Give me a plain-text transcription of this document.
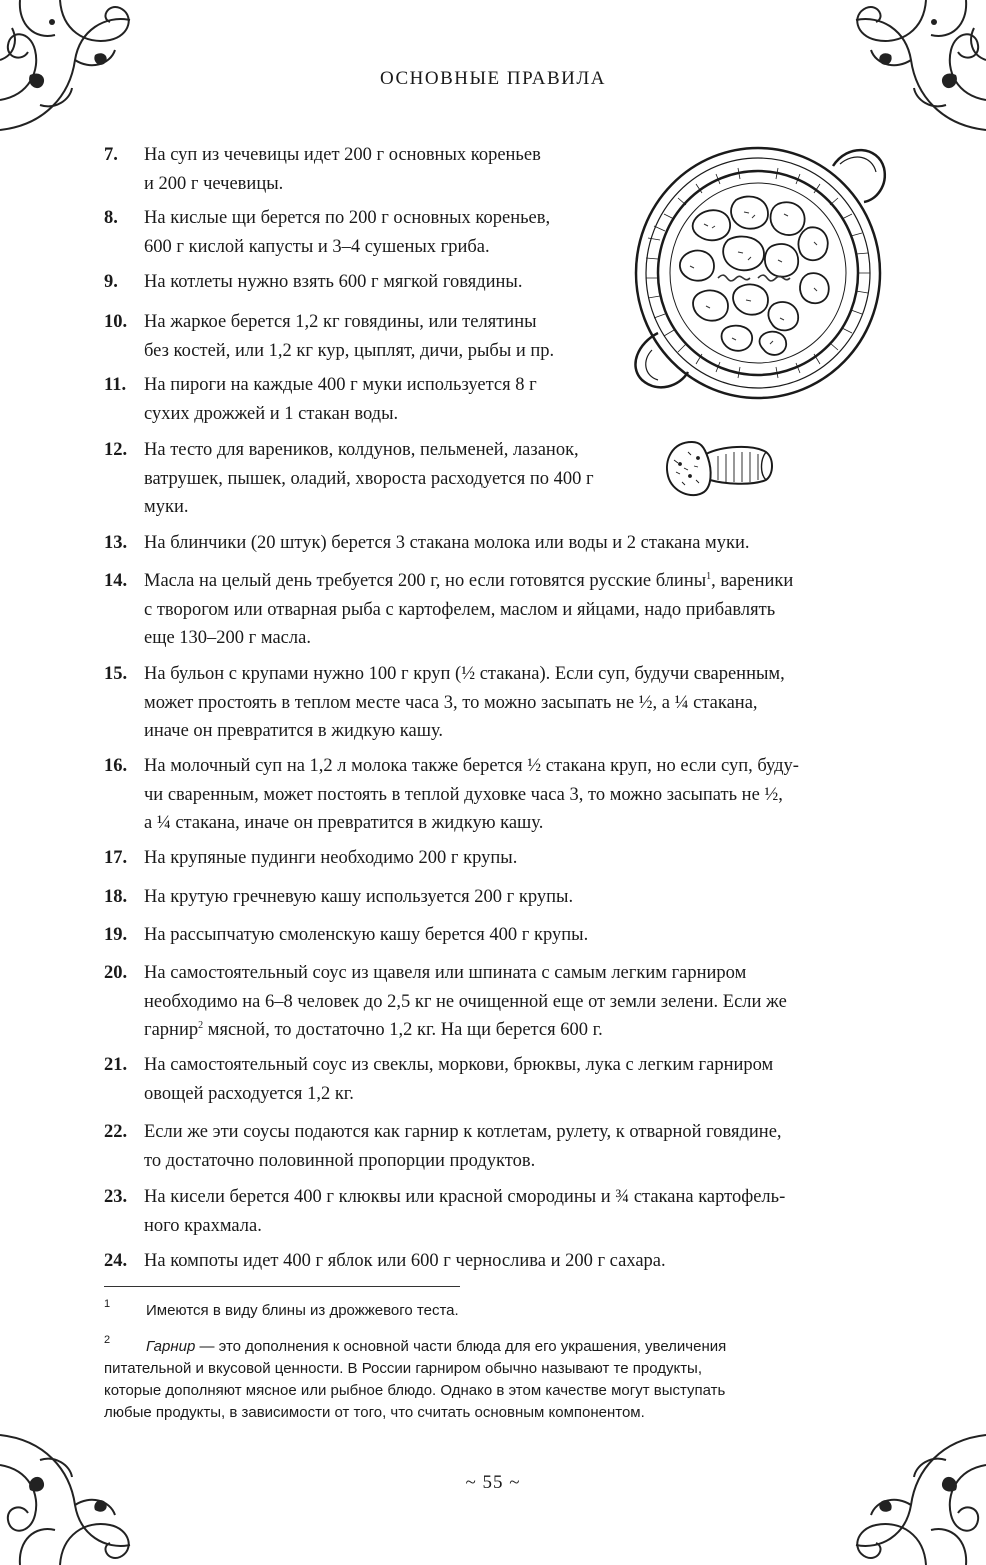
ОСНОВНЫЕ ПРАВИЛА
7. На суп из чечевицы идет 200 г основных кореньев
и 200 г чечевицы.
8. На кислые щи берется по 200 г основных кореньев,
600 г кислой капусты и 3–4 сушеных гриба.
9. На котлеты нужно взять 600 г мягкой говядины.
10. На жаркое берется 1,2 кг говядины, или телятины
без костей, или 1,2 кг кур, цыплят, дичи, рыбы и пр.
11. На пироги на каждые 400 г муки используется 8 г
сухих дрожжей и 1 стакан воды.
12. На тесто для вареников, колдунов, пельменей, лазанок,
ватрушек, пышек, оладий, хвороста расходуется по 400 г
муки.
13. На блинчики (20 штук) берется 3 стакана молока или воды и 2 стакана муки.
14. Масла на целый день требуется 200 г, но если готовятся русские блины$^1$, вареники
с творогом или отварная рыба с картофелем, маслом и яйцами, надо прибавлять
еще 130–200 г масла.
15. На бульон с крупами нужно 100 г круп (½ стакана). Если суп, будучи сваренным,
может простоять в теплом месте часа 3, то можно засыпать не ½, а ¼ стакана,
иначе он превратится в жидкую кашу.
16. На молочный суп на 1,2 л молока также берется ½ стакана круп, но если суп, буду-
чи сваренным, может постоять в теплой духовке часа 3, то можно засыпать не ½,
а ¼ стакана, иначе он превратится в жидкую кашу.
17. На крупяные пудинги необходимо 200 г крупы.
18. На крутую гречневую кашу используется 200 г крупы.
19. На рассыпчатую смоленскую кашу берется 400 г крупы.
20. На самостоятельный соус из щавеля или шпината с самым легким гарниром
необходимо на 6–8 человек до 2,5 кг не очищенной еще от земли зелени. Если же
гарнир$^2$ мясной, то достаточно 1,2 кг. На щи берется 600 г.
21. На самостоятельный соус из свеклы, моркови, брюквы, лука с легким гарниром
овощей расходуется 1,2 кг.
22. Если же эти соусы подаются как гарнир к котлетам, рулету, к отварной говядине,
то достаточно половинной пропорции продуктов.
23. На кисели берется 400 г клюквы или красной смородины и ¾ стакана картофель-
ного крахмала.
24. На компоты идет 400 г яблок или 600 г чернослива и 200 г сахара.
1	Имеются в виду блины из дрожжевого теста.
2	Гарнир — это дополнения к основной части блюда для его украшения, увеличения
питательной и вкусовой ценности. В России гарниром обычно называют те продукты,
которые дополняют мясное или рыбное блюдо. Однако в этом качестве могут выступать
любые продукты, в зависимости от того, что считать основным компонентом.
~ 55 ~
